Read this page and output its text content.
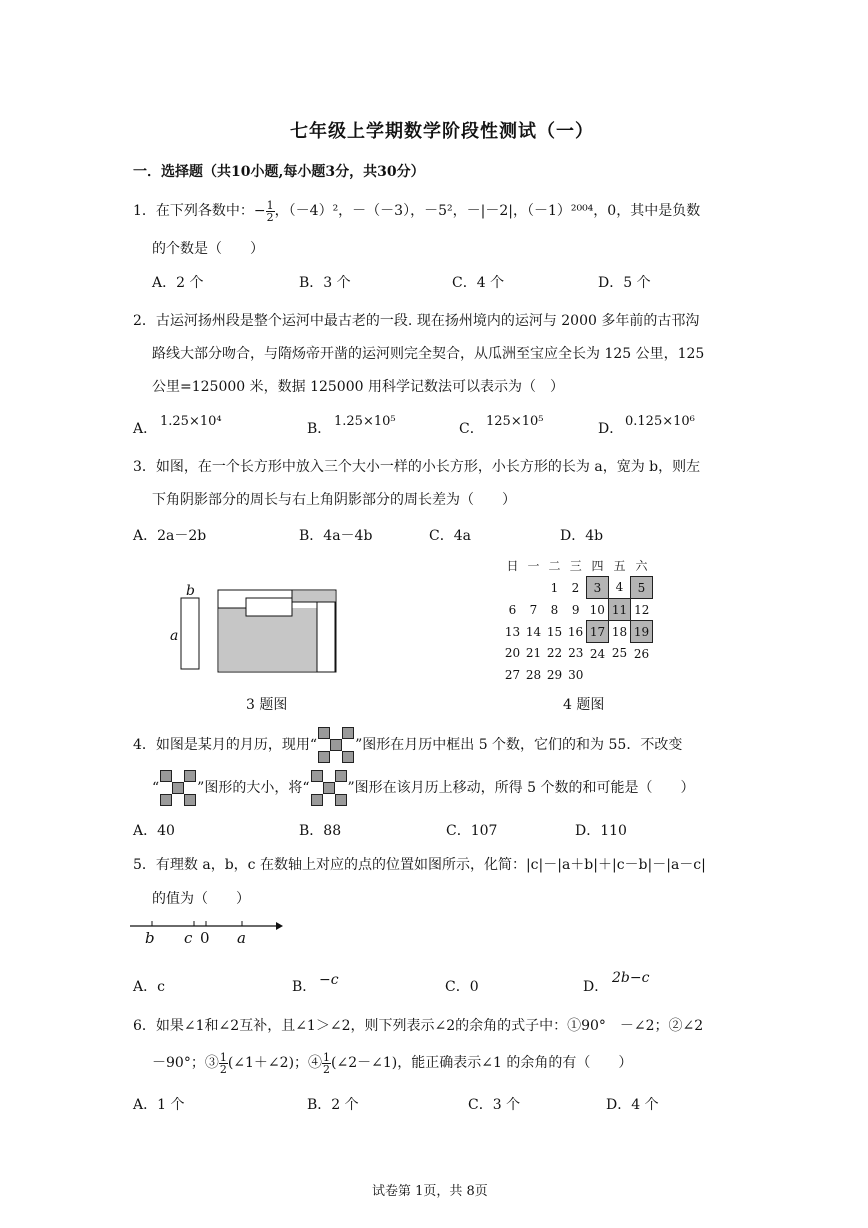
七年级上学期数学阶段性测试（一）
一．选择题（共10小题,每小题3分，共30分）
1．在下列各数中：− $\frac{1}{2}$ ，（－4）²，－（－3），－5²，－|－2|，（－1）²⁰⁰⁴，0，其中是负数
的个数是（　　）
A．2 个	B．3 个	C．4 个	D．5 个
2．古运河扬州段是整个运河中最古老的一段. 现在扬州境内的运河与 2000 多年前的古邗沟
路线大部分吻合，与隋炀帝开凿的运河则完全契合，从瓜洲至宝应全长为 125 公里，125
公里=125000 米，数据 125000 用科学记数法可以表示为（　）
A． 1.25×10⁴	B． 1.25×10⁵	C． 125×10⁵	D． 0.125×10⁶
3．如图，在一个长方形中放入三个大小一样的小长方形，小长方形的长为 a，宽为 b，则左
下角阴影部分的周长与右上角阴影部分的周长差为（　　）
A．2a－2b	B．4a－4b	C．4a	D．4b
b
a
3 题图
日	一	二	三	四	五	六
		1	2	3	4	5
6	7	8	9	10	11	12
13	14	15	16	17	18	19
20	21	22	23	24	25	26
27	28	29	30			
4 题图
4．如图是某月的月历，现用“	”图形在月历中框出 5 个数，它们的和为 55．不改变
“	”图形的大小，将“	”图形在该月历上移动，所得 5 个数的和可能是（　　）
A．40	B．88	C．107	D．110
5．有理数 a，b，c 在数轴上对应的点的位置如图所示，化简：|c|－|a＋b|＋|c－b|－|a－c|
的值为（　　）
b c 0 a
A．c	B． −c	C．0	D．
2b−c
6．如果∠1和∠2互补，且∠1＞∠2，则下列表示∠2的余角的式子中：①90°　－∠2；②∠2
－90°；③ $\frac{1}{2}$ (∠1＋∠2)；④ $\frac{1}{2}$ (∠2－∠1)，能正确表示∠1 的余角的有（　　）
A．1 个	B．2 个	C．3 个	D．4 个
试卷第 1页，共 8页
